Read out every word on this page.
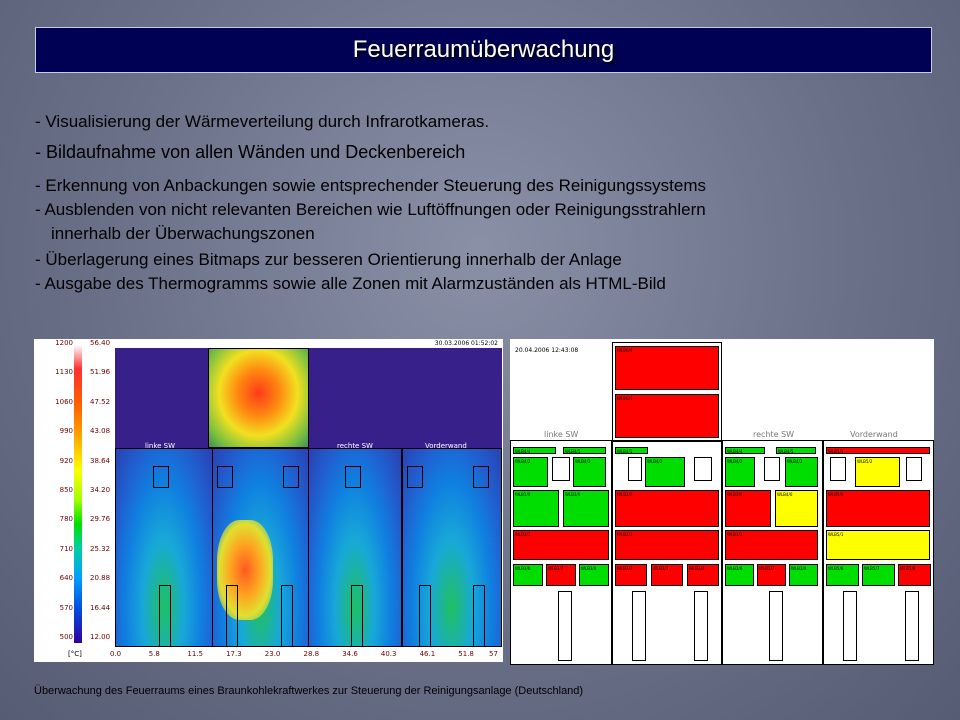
Feuerraumüberwachung
- Visualisierung der Wärmeverteilung durch Infrarotkameras.
- Bildaufnahme von allen Wänden und Deckenbereich
- Erkennung von Anbackungen sowie entsprechender Steuerung des Reinigungssystems
- Ausblenden von nicht relevanten Bereichen wie Luftöffnungen oder Reinigungsstrahlern
innerhalb der Überwachungszonen
- Überlagerung eines Bitmaps zur besseren Orientierung innerhalb der Anlage
- Ausgabe des Thermogramms sowie alle Zonen mit Alarmzuständen als HTML-Bild
1200
1130
1060
990
920
850
780
710
640
570
500
56.40
51.96
47.52
43.08
38.64
34.20
29.76
25.32
20.88
16.44
12.00
[°C]	0.0	5.8	11.5	17.3	23.0	28.8	34.6	40.3	46.1	51.8 57
30.03.2006 01:52:02
linke SW	rechte SW	Vorderwand
20.04.2006 12:43:08	WLB6/4
WLB6/1
linke SW	rechte SW	Vorderwand
WLB4/4	WLB4/5
WLB4/2	WLB4/3
WLB1/0	WLB3/0
WLB3/1
WLB3/6	WLB3/7	WLB3/8
WLB4/1
WLB4/2
WLB3/0
WLB3/1
WLB3/2	WLB3/3	WLB3/4
WLB4/4	WLB4/5
WLB4/2	WLB4/3
WLB3/0	WLB4/0
WLB3/1
WLB3/6	WLB3/7	WLB3/8
WLB5/3
WLB5/2
WLB5/0
WLB5/1
WLB5/6	WLB5/7	WLB5/8
Überwachung des Feuerraums eines Braunkohlekraftwerkes zur Steuerung der Reinigungsanlage (Deutschland)
